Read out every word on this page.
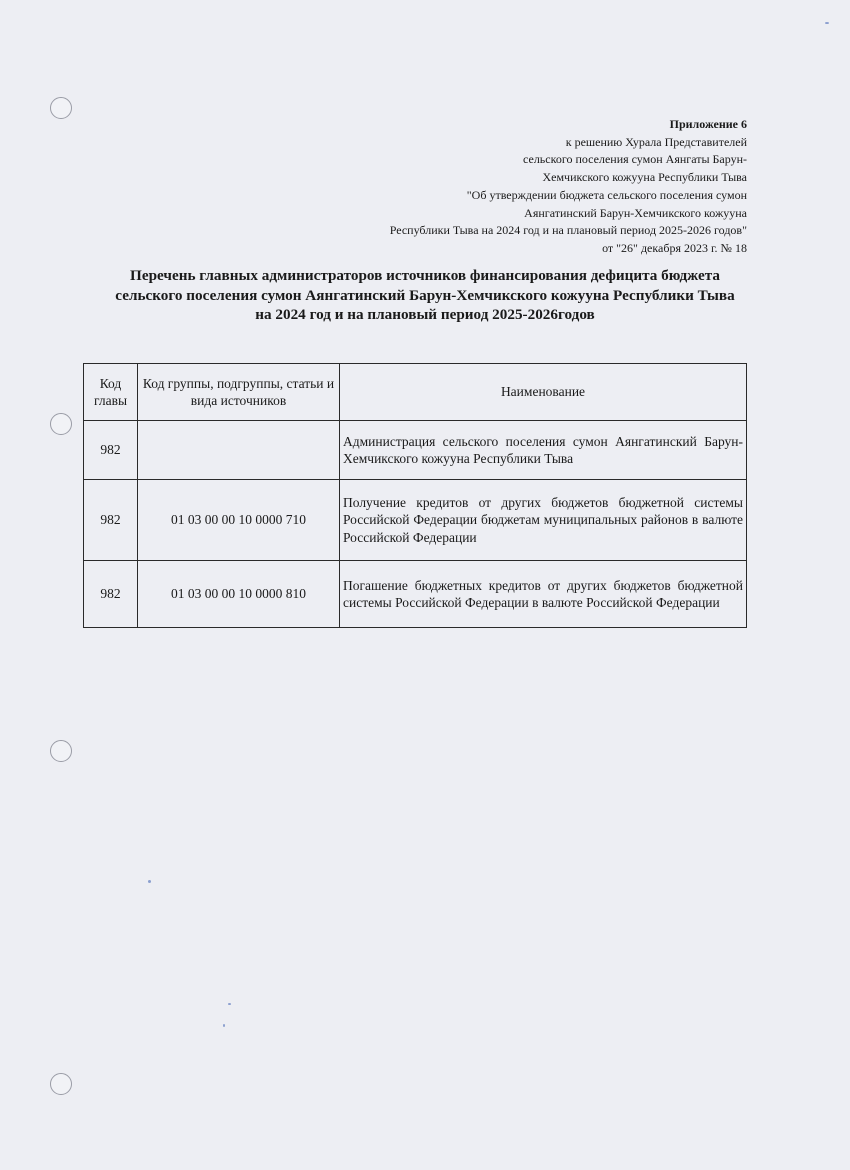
Приложение 6
к решению Хурала Представителей
сельского поселения сумон Аянгаты Барун-
Хемчикского кожууна Республики Тыва
"Об утверждении бюджета сельского поселения сумон
Аянгатинский Барун-Хемчикского кожууна
Республики Тыва на 2024 год и на плановый период 2025-2026 годов"
от "26" декабря 2023 г. № 18
Перечень главных администраторов источников финансирования дефицита бюджета
сельского поселения сумон Аянгатинский Барун-Хемчикского кожууна Республики Тыва
на 2024 год и на плановый период 2025-2026годов
Код главы	Код группы, подгруппы, статьи и вида источников	Наименование
982		Администрация сельского поселения сумон Аянгатинский Барун-Хемчикского кожууна Республики Тыва
982	01 03 00 00 10 0000 710	Получение кредитов от других бюджетов бюджетной системы Российской Федерации бюджетам муниципальных районов в валюте Российской Федерации
982	01 03 00 00 10 0000 810	Погашение бюджетных кредитов от других бюджетов бюджетной системы Российской Федерации в валюте Российской Федерации
